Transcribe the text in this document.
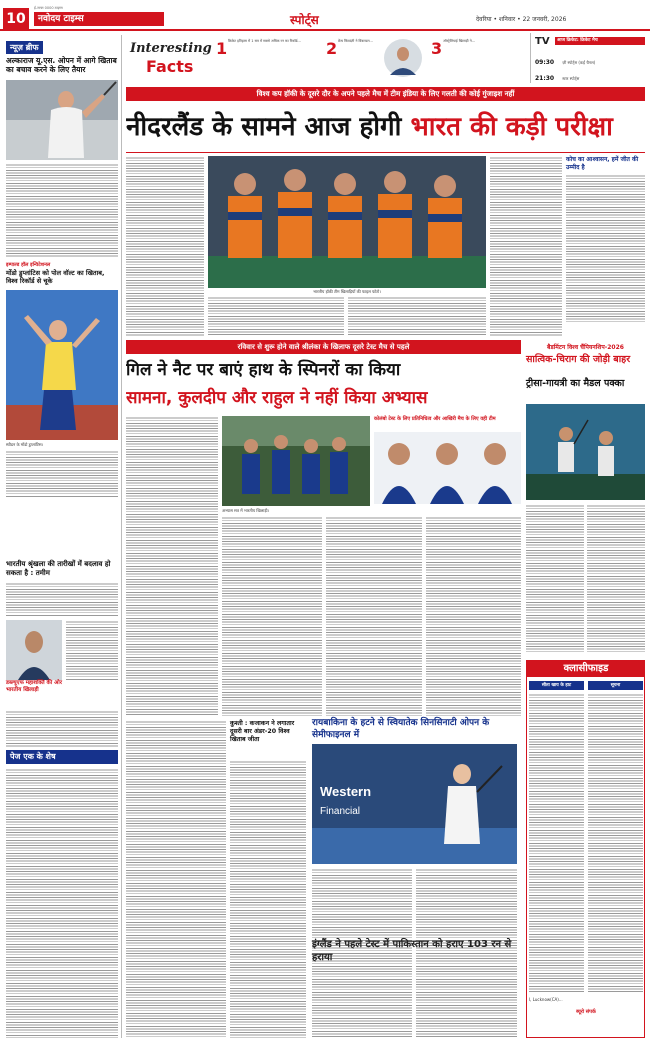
10
ई-जगत 0000 टाइम्स
नवोदय टाइम्स	स्पोर्ट्स	देवरिया • शनिवार • 22 जनवरी, 2026
न्यूज़ ब्रीफ
अल्काराज यू.एस. ओपन में आगे खिताब का बचाव करने के लिए तैयार
इम्पाल्ड हॉल इन्विटेशनल
मोंडो डुप्लांटिस को पोल वॉल्ट का खिताब, विश्व रिकॉर्ड से चूके
स्वीडन के मोंडो डुप्लांटिस।
भारतीय श्रृंखला की तारीखों में बदलाव हो सकता है : तमीम
डब्ल्यूएफ महाशक्ति की ओर भारतीय खिलाड़ी
पेज एक के शेष
Interesting
Facts
1 क्रिकेट इतिहास में 1 सत्र में सबसे अधिक रन का रिकॉर्ड...	2 फ्रेंच किंवदंती ने विंबलडन...	3 ऑस्ट्रेलियाई खिलाड़ी ने...	TV	आज क्रिकेट: क्रिकेट मैच
09:30 ज़ी स्पोर्ट्स (कई चैनल)
21:30 स्टार स्पोर्ट्स
विश्व कप हॉकी के दूसरे दौर के अपने पहले मैच में टीम इंडिया के लिए गलती की कोई गुंजाइश नहीं
नीदरलैंड के सामने आज होगी भारत की कड़ी परीक्षा
भारतीय हॉकी टीम खिलाड़ियों की फाइल फोटो।
कोच का आश्वासन, हमें जीत की उम्मीद है
रविवार से शुरू होने वाले श्रीलंका के खिलाफ दूसरे टेस्ट मैच से पहले
गिल ने नैट पर बाएं हाथ के स्पिनरों का किया
सामना, कुलदीप और राहुल ने नहीं किया अभ्यास
कोलंबो टेस्ट के लिए प्रतिनिधित्व और आखिरी मैच के लिए वही टीम
अभ्यास सत्र में भारतीय खिलाड़ी।
बैडमिंटन विश्व चैंपियनशिप-2026
सात्विक-चिराग की जोड़ी बाहर
ट्रीसा-गायत्री का मैडल पक्का
कुश्ती : कजाकन ने लगातार दूसरी बार अंडर-20 विश्व खिताब जीता
रायबाकिना के हटने से स्वियातेक सिनसिनाटी ओपन के सेमीफाइनल में
Western
Financial
इंग्लैंड ने पहले टेस्ट में पाकिस्तान को हराए 103 रन से हराया
क्लासीफाइड
सीता खाय के हाट	सूचना
I, Lucknow(CA)...
ब्यूरो संपर्क
